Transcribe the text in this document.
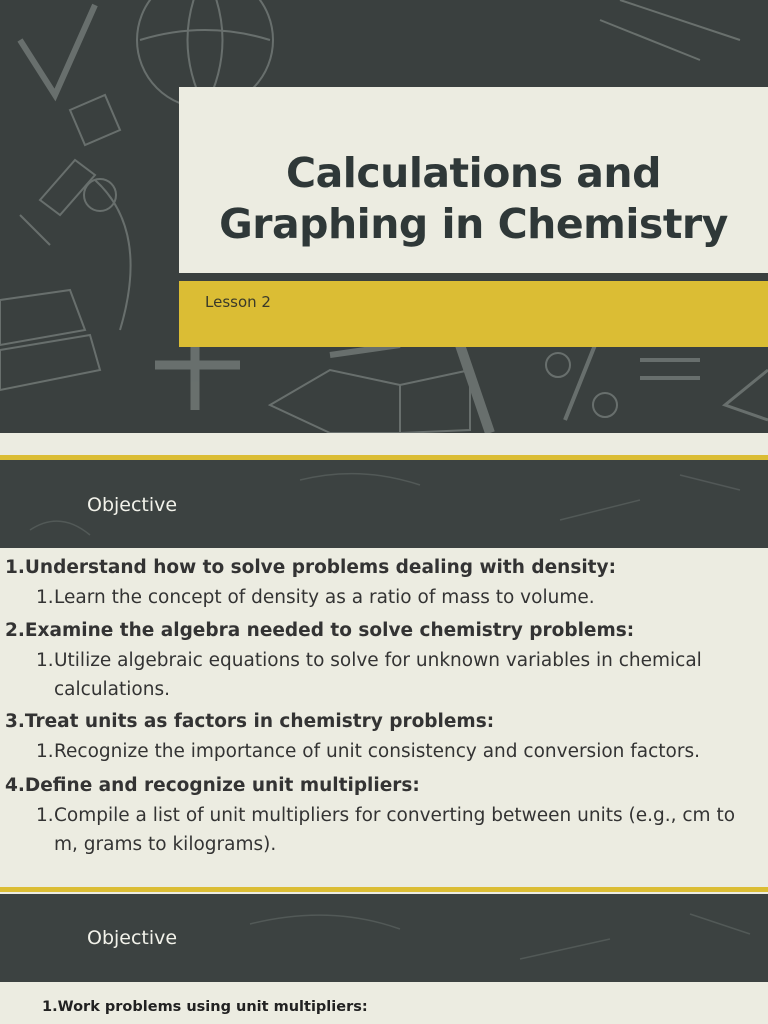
Calculations and Graphing in Chemistry
Lesson 2
Objective
1.Understand how to solve problems dealing with density:
1.Learn the concept of density as a ratio of mass to volume.
2.Examine the algebra needed to solve chemistry problems:
1.Utilize algebraic equations to solve for unknown variables in chemical
calculations.
3.Treat units as factors in chemistry problems:
1.Recognize the importance of unit consistency and conversion factors.
4.Define and recognize unit multipliers:
1.Compile a list of unit multipliers for converting between units (e.g., cm to
m, grams to kilograms).
Objective
1.Work problems using unit multipliers:
